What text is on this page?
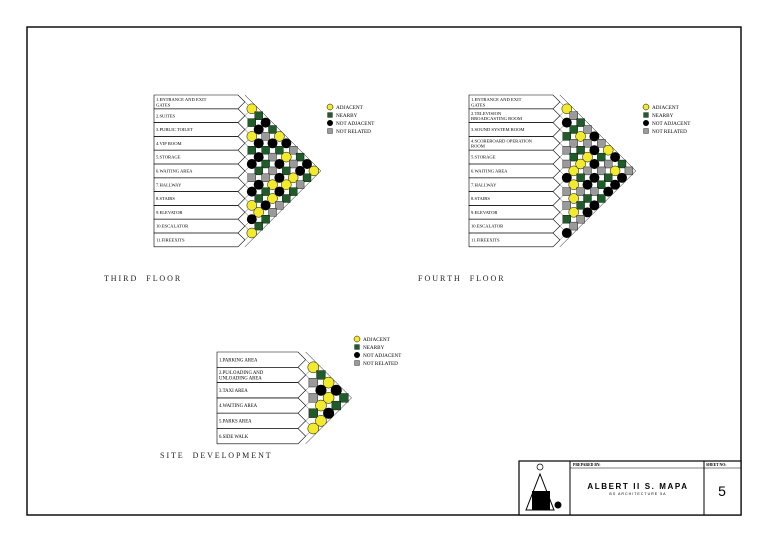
1.ENTRANCE AND EXIT GATES
2.SUITES
3.PUBLIC TOILET
4.VIP ROOM
5.STORAGE
6.WAITING AREA
7.HALLWAY
8.STAIRS
9.ELEVATOR
10.ESCALATOR
11.FIREEXITS
1.ENTRANCE AND EXIT GATES
2.TELEVISION BROADCASTING ROOM
3.SOUND SYSTEM ROOM
4.SCOREBOARD OPERATION ROOM
5.STORAGE
6.WAITING AREA
7.HALLWAY
8.STAIRS
9.ELEVATOR
10.ESCALATOR
11.FIREEXITS
1.PARKING AREA
2.PU/LOADING AND UNLOADING AREA
3.TAXI AREA
4.WAITING AREA
5.PARKS AREA
6.SIDE WALK
T H I R D     F L O O R	F O U R T H     F L O O R
S I T E     D E V E L O P M E N T
ADJACENT
NEARBY
NOT ADJACENT
NOT RELATED
ADJACENT
NEARBY
NOT ADJACENT
NOT RELATED
ADJACENT
NEARBY
NOT ADJACENT
NOT RELATED
PREPARED BY:	SHEET NO:
ALBERT II S. MAPA
BS ARCHITECTURE 5A	5
